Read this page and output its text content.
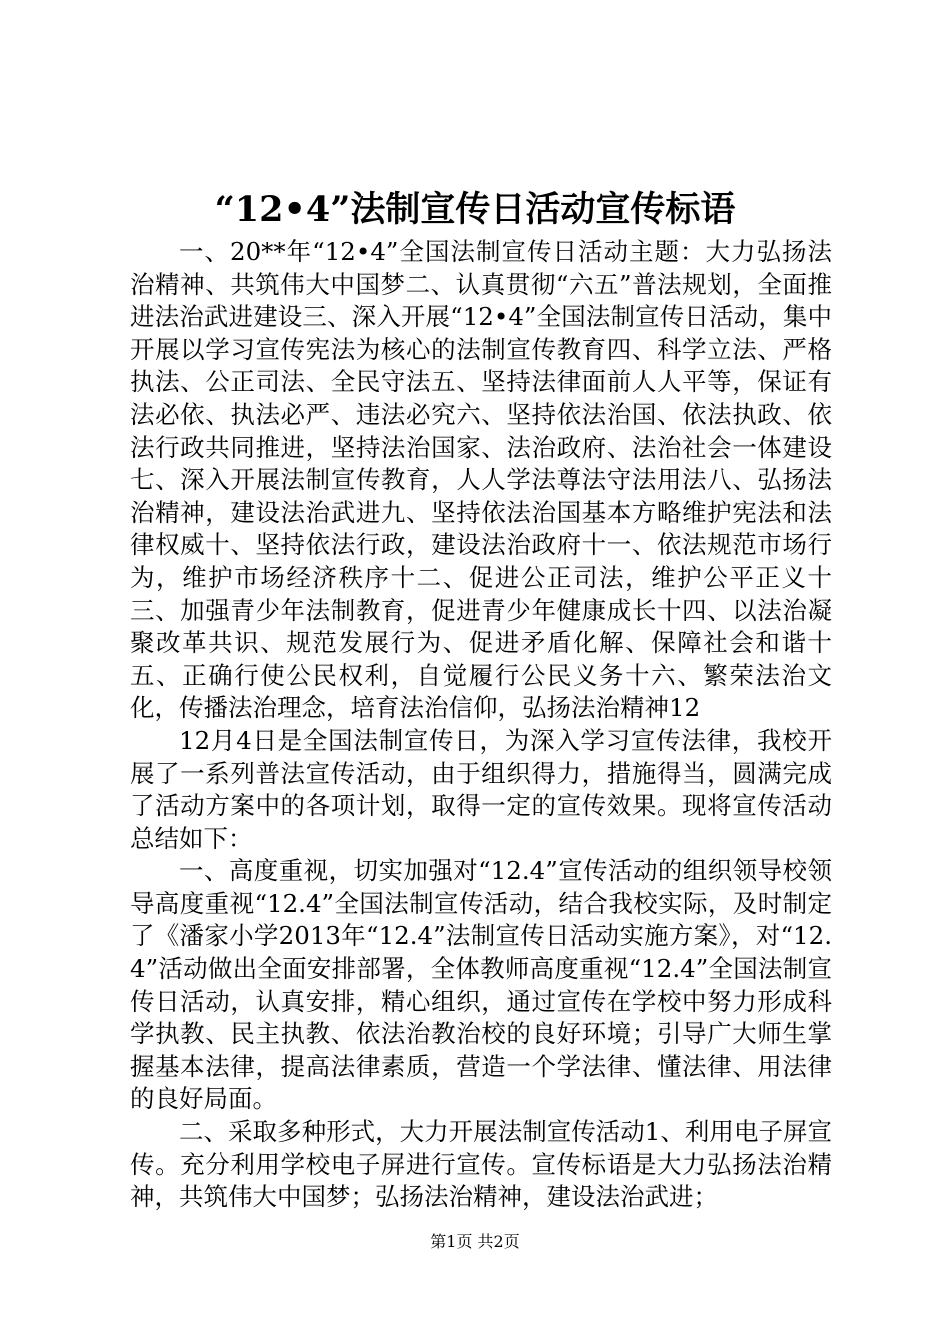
“12•4”法制宣传日活动宣传标语

一、20**年“12•4”全国法制宣传日活动主题：大力弘扬法治精神、共筑伟大中国梦二、认真贯彻“六五”普法规划，全面推进法治武进建设三、深入开展“12•4”全国法制宣传日活动，集中开展以学习宣传宪法为核心的法制宣传教育四、科学立法、严格执法、公正司法、全民守法五、坚持法律面前人人平等，保证有法必依、执法必严、违法必究六、坚持依法治国、依法执政、依法行政共同推进，坚持法治国家、法治政府、法治社会一体建设七、深入开展法制宣传教育，人人学法尊法守法用法八、弘扬法治精神，建设法治武进九、坚持依法治国基本方略维护宪法和法律权威十、坚持依法行政，建设法治政府十一、依法规范市场行为，维护市场经济秩序十二、促进公正司法，维护公平正义十三、加强青少年法制教育，促进青少年健康成长十四、以法治凝聚改革共识、规范发展行为、促进矛盾化解、保障社会和谐十五、正确行使公民权利，自觉履行公民义务十六、繁荣法治文化，传播法治理念，培育法治信仰，弘扬法治精神12

12月4日是全国法制宣传日，为深入学习宣传法律，我校开展了一系列普法宣传活动，由于组织得力，措施得当，圆满完成了活动方案中的各项计划，取得一定的宣传效果。现将宣传活动总结如下：

一、高度重视，切实加强对“12.4”宣传活动的组织领导校领导高度重视“12.4”全国法制宣传活动，结合我校实际，及时制定了《潘家小学2013年“12.4”法制宣传日活动实施方案》，对“12.4”活动做出全面安排部署，全体教师高度重视“12.4”全国法制宣传日活动，认真安排，精心组织，通过宣传在学校中努力形成科学执教、民主执教、依法治教治校的良好环境；引导广大师生掌握基本法律，提高法律素质，营造一个学法律、懂法律、用法律的良好局面。

二、采取多种形式，大力开展法制宣传活动1、利用电子屏宣传。充分利用学校电子屏进行宣传。宣传标语是大力弘扬法治精神，共筑伟大中国梦；弘扬法治精神，建设法治武进；

第1页 共2页
